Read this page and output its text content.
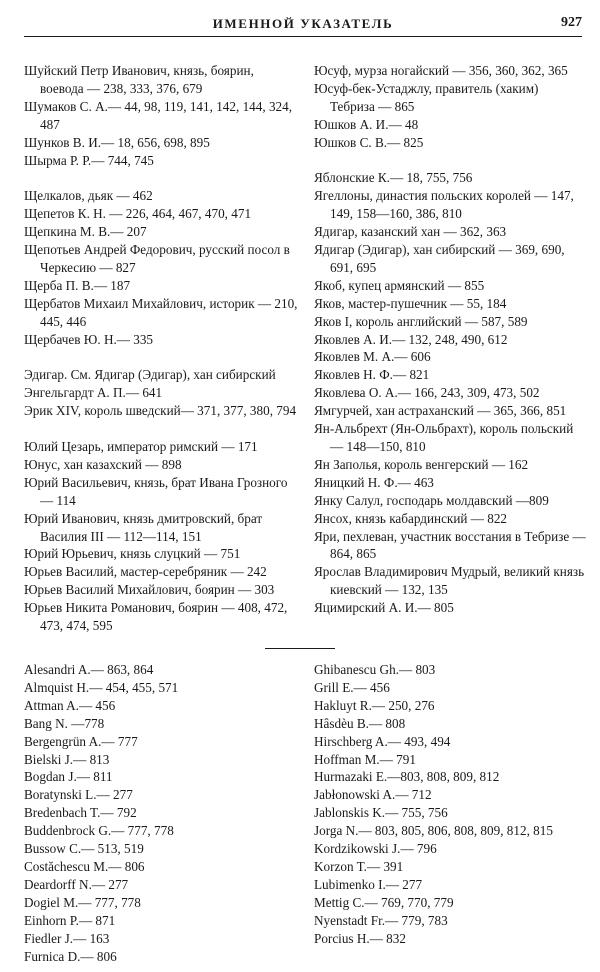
ИМЕННОЙ УКАЗАТЕЛЬ	927
Шуйский Петр Иванович, князь, боярин, воевода — 238, 333, 376, 679
Шумаков С. А.— 44, 98, 119, 141, 142, 144, 324, 487
Шунков В. И.— 18, 656, 698, 895
Шырма Р. Р.— 744, 745
Щелкалов, дьяк — 462
Щепетов К. Н. — 226, 464, 467, 470, 471
Щепкина М. В.— 207
Щепотьев Андрей Федорович, русский посол в Черкесию — 827
Щерба П. В.— 187
Щербатов Михаил Михайлович, историк — 210, 445, 446
Щербачев Ю. Н.— 335
Эдигар. См. Ядигар (Эдигар), хан сибирский
Энгельгардт А. П.— 641
Эрик XIV, король шведский— 371, 377, 380, 794
Юлий Цезарь, император римский — 171
Юнус, хан казахский — 898
Юрий Васильевич, князь, брат Ивана Грозного — 114
Юрий Иванович, князь дмитровский, брат Василия III — 112—114, 151
Юрий Юрьевич, князь слуцкий — 751
Юрьев Василий, мастер-серебряник — 242
Юрьев Василий Михайлович, боярин — 303
Юрьев Никита Романович, боярин — 408, 472, 473, 474, 595
Юсуф, мурза ногайский — 356, 360, 362, 365
Юсуф-бек-Устаджлу, правитель (хаким) Тебриза — 865
Юшков А. И.— 48
Юшков С. В.— 825
Яблонские К.— 18, 755, 756
Ягеллоны, династия польских королей — 147, 149, 158—160, 386, 810
Ядигар, казанский хан — 362, 363
Ядигар (Эдигар), хан сибирский — 369, 690, 691, 695
Якоб, купец армянский — 855
Яков, мастер-пушечник — 55, 184
Яков I, король английский — 587, 589
Яковлев А. И.— 132, 248, 490, 612
Яковлев М. А.— 606
Яковлев Н. Ф.— 821
Яковлева О. А.— 166, 243, 309, 473, 502
Ямгурчей, хан астраханский — 365, 366, 851
Ян-Альбрехт (Ян-Ольбрахт), король польский — 148—150, 810
Ян Заполья, король венгерский — 162
Яницкий Н. Ф.— 463
Янку Салул, господарь молдавский —809
Янсох, князь кабардинский — 822
Яри, пехлеван, участник восстания в Тебризе — 864, 865
Ярослав Владимирович Мудрый, великий князь киевский — 132, 135
Яцимирский А. И.— 805
Alesandri A.— 863, 864
Almquist H.— 454, 455, 571
Attman A.— 456
Bang N. —778
Bergengrün A.— 777
Bielski J.— 813
Bogdan J.— 811
Boratynski L.— 277
Bredenbach T.— 792
Buddenbrock G.— 777, 778
Bussow C.— 513, 519
Costăchescu M.— 806
Deardorff N.— 277
Dogiel M.— 777, 778
Einhorn P.— 871
Fiedler J.— 163
Furnica D.— 806
Ghibanescu Gh.— 803
Grill E.— 456
Hakluyt R.— 250, 276
Hâsdèu B.— 808
Hirschberg A.— 493, 494
Hoffman M.— 791
Hurmazaki E.—803, 808, 809, 812
Jabłonowski A.— 712
Jablonskis K.— 755, 756
Jorga N.— 803, 805, 806, 808, 809, 812, 815
Kordzikowski J.— 796
Korzon T.— 391
Lubimenko I.— 277
Mettig C.— 769, 770, 779
Nyenstadt Fr.— 779, 783
Porcius H.— 832
